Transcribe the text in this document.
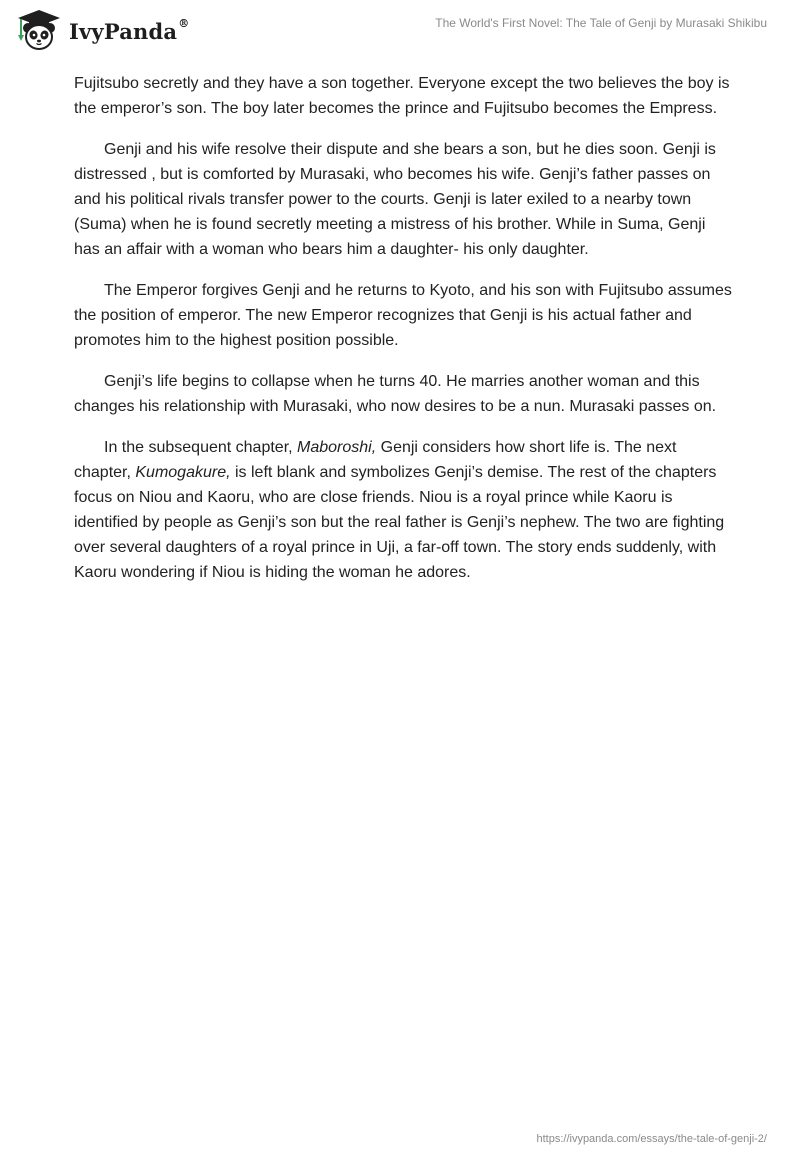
IvyPanda®	The World's First Novel: The Tale of Genji by Murasaki Shikibu

Fujitsubo secretly and they have a son together. Everyone except the two believes the boy is the emperor’s son. The boy later becomes the prince and Fujitsubo becomes the Empress.

Genji and his wife resolve their dispute and she bears a son, but he dies soon. Genji is distressed , but is comforted by Murasaki, who becomes his wife. Genji’s father passes on and his political rivals transfer power to the courts. Genji is later exiled to a nearby town (Suma) when he is found secretly meeting a mistress of his brother. While in Suma, Genji has an affair with a woman who bears him a daughter- his only daughter.

The Emperor forgives Genji and he returns to Kyoto, and his son with Fujitsubo assumes the position of emperor. The new Emperor recognizes that Genji is his actual father and promotes him to the highest position possible.

Genji’s life begins to collapse when he turns 40. He marries another woman and this changes his relationship with Murasaki, who now desires to be a nun. Murasaki passes on.

In the subsequent chapter, Maboroshi, Genji considers how short life is. The next chapter, Kumogakure, is left blank and symbolizes Genji’s demise. The rest of the chapters focus on Niou and Kaoru, who are close friends. Niou is a royal prince while Kaoru is identified by people as Genji’s son but the real father is Genji’s nephew. The two are fighting over several daughters of a royal prince in Uji, a far-off town. The story ends suddenly, with Kaoru wondering if Niou is hiding the woman he adores.

https://ivypanda.com/essays/the-tale-of-genji-2/
